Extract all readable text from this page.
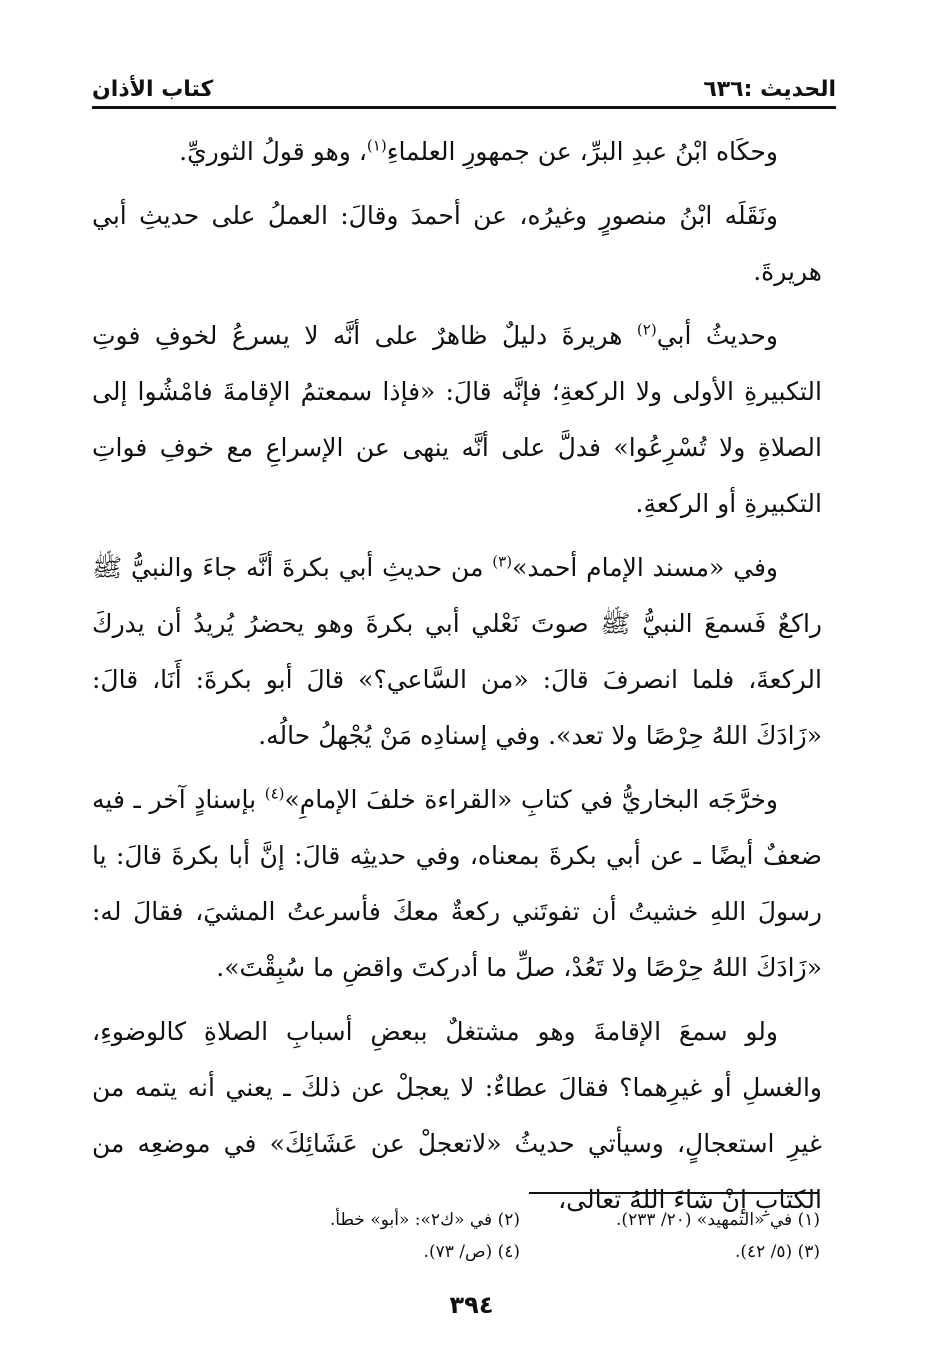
الحديث :٦٣٦
كتاب الأذان

وحكَاه ابْنُ عبدِ البرِّ، عن جمهورِ العلماءِ$^{(١)}$، وهو قولُ الثوريِّ.

ونَقَلَه ابْنُ منصورٍ وغيرُه، عن أحمدَ وقالَ: العملُ على حديثِ أبي هريرةَ.

وحديثُ أبي$^{(٢)}$ هريرةَ دليلٌ ظاهرٌ على أنَّه لا يسرعُ لخوفِ فوتِ التكبيرةِ الأولى ولا الركعةِ؛ فإنَّه قالَ: «فإذا سمعتمُ الإقامةَ فامْشُوا إلى الصلاةِ ولا تُسْرِعُوا» فدلَّ على أنَّه ينهى عن الإسراعِ مع خوفِ فواتِ التكبيرةِ أو الركعةِ.

وفي «مسند الإمام أحمد»$^{(٣)}$ من حديثِ أبي بكرةَ أنَّه جاءَ والنبيُّ ﷺ راكعٌ فَسمعَ النبيُّ ﷺ صوتَ نَعْلي أبي بكرةَ وهو يحضرُ يُريدُ أن يدركَ الركعةَ، فلما انصرفَ قالَ: «من السَّاعي؟» قالَ أبو بكرةَ: أَنَا، قالَ: «زَادَكَ اللهُ حِرْصًا ولا تعد». وفي إسنادِه مَنْ يُجْهلُ حالُه.

وخرَّجَه البخاريُّ في كتابِ «القراءة خلفَ الإمامِ»$^{(٤)}$ بإسنادٍ آخر ـ فيه ضعفٌ أيضًا ـ عن أبي بكرةَ بمعناه، وفي حديثِه قالَ: إنَّ أبا بكرةَ قالَ: يا رسولَ اللهِ خشيتُ أن تفوتَني ركعةٌ معكَ فأسرعتُ المشيَ، فقالَ له: «زَادَكَ اللهُ حِرْصًا ولا تَعُدْ، صلِّ ما أدركتَ واقضِ ما سُبِقْتَ».

ولو سمعَ الإقامةَ وهو مشتغلٌ ببعضِ أسبابِ الصلاةِ كالوضوءِ، والغسلِ أو غيرِهما؟ فقالَ عطاءٌ: لا يعجلْ عن ذلكَ ـ يعني أنه يتمه من غيرِ استعجالٍ، وسيأتي حديثُ «لاتعجلْ عن عَشَائِكَ» في موضعِه من الكتابِ إنْ شاءَ اللهُ تعالى،

(١) في «التمهيد» (٢٠/ ٢٣٣).
(٢) في «ك٢»: «أبو» خطأ.
(٣) (٥/ ٤٢).
(٤) (ص/ ٧٣).
٣٩٤
